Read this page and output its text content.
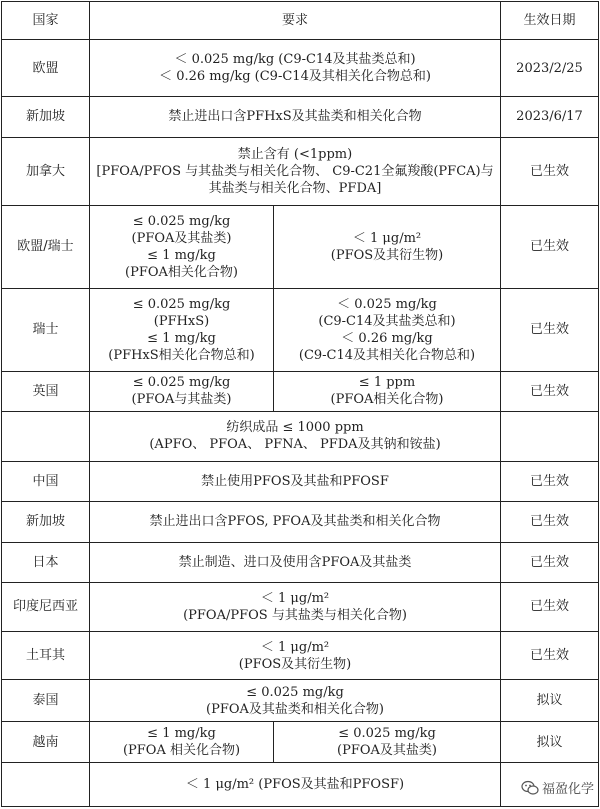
国家	要求		生效日期
欧盟	＜ 0.025 mg/kg (C9-C14及其盐类总和)
＜ 0.26 mg/kg (C9-C14及其相关化合物总和)		2023/2/25
新加坡	禁止进出口含PFHxS及其盐类和相关化合物		2023/6/17
加拿大	禁止含有 (<1ppm)
[PFOA/PFOS 与其盐类与相关化合物、 C9-C21全氟羧酸(PFCA)与其盐类与相关化合物、PFDA]		已生效
欧盟/瑞士	≤ 0.025 mg/kg
(PFOA及其盐类)
≤ 1 mg/kg
(PFOA相关化合物)	＜ 1 μg/m²
(PFOS及其衍生物)	已生效
瑞士	≤ 0.025 mg/kg
(PFHxS)
≤ 1 mg/kg
(PFHxS相关化合物总和)	＜ 0.025 mg/kg
(C9-C14及其盐类总和)
＜ 0.26 mg/kg
(C9-C14及其相关化合物总和)	已生效
英国	≤ 0.025 mg/kg
(PFOA与其盐类)	≤ 1 ppm
(PFOA相关化合物)	已生效

	纺织成品 ≤ 1000 ppm
(APFO、 PFOA、 PFNA、 PFDA及其钠和铵盐)		

中国	禁止使用PFOS及其盐和PFOSF		已生效
新加坡	禁止进出口含PFOS, PFOA及其盐类和相关化合物		已生效
日本	禁止制造、进口及使用含PFOA及其盐类		已生效
印度尼西亚	＜ 1 μg/m²
(PFOA/PFOS 与其盐类与相关化合物)		已生效
土耳其	＜ 1 μg/m²
(PFOS及其衍生物)		已生效
泰国	≤ 0.025 mg/kg
(PFOA及其盐类和相关化合物)		拟议
越南	≤ 1 mg/kg
(PFOA 相关化合物)	≤ 0.025 mg/kg
(PFOA及其盐类)	拟议

	＜ 1 μg/m² (PFOS及其盐和PFOSF)		
		福盈化学
